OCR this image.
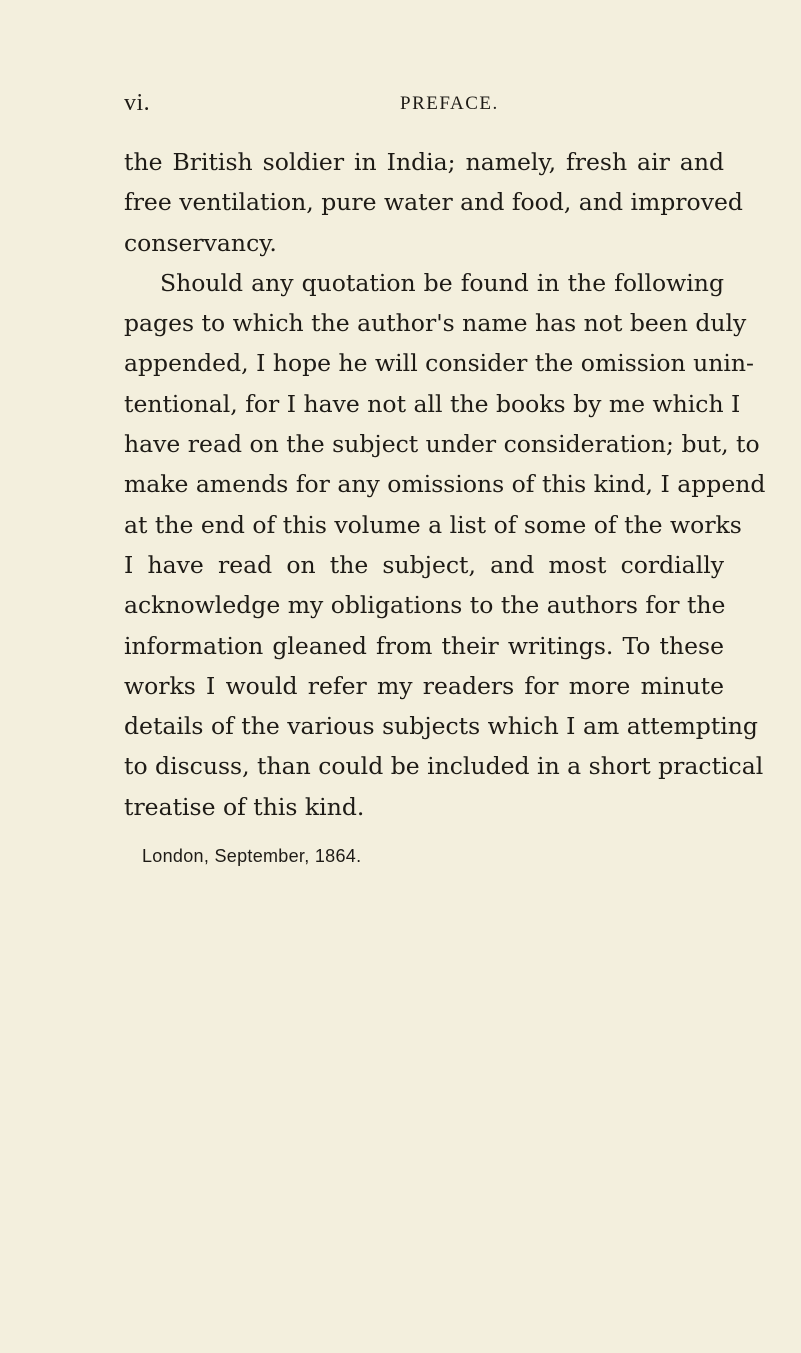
vi.	PREFACE.
the British soldier in India; namely, fresh air and
free ventilation, pure water and food, and improved
conservancy.
Should any quotation be found in the following
pages to which the author's name has not been duly
appended, I hope he will consider the omission unin-
tentional, for I have not all the books by me which I
have read on the subject under consideration; but, to
make amends for any omissions of this kind, I append
at the end of this volume a list of some of the works
I have read on the subject, and most cordially
acknowledge my obligations to the authors for the
information gleaned from their writings. To these
works I would refer my readers for more minute
details of the various subjects which I am attempting
to discuss, than could be included in a short practical
treatise of this kind.
London, September, 1864.
